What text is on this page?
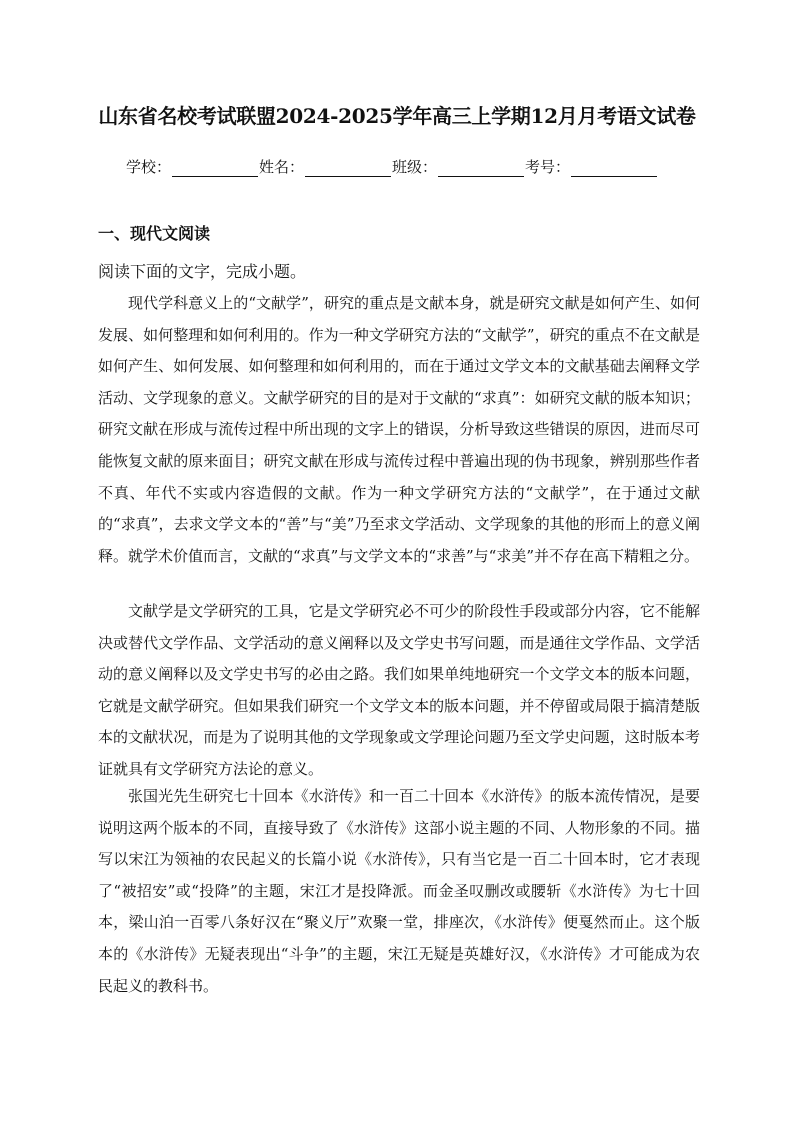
山东省名校考试联盟2024-2025学年高三上学期12月月考语文试卷
学校：	姓名：	班级：	考号：
一、现代文阅读
阅读下面的文字，完成小题。

现代学科意义上的“文献学”，研究的重点是文献本身，就是研究文献是如何产生、如何发展、如何整理和如何利用的。作为一种文学研究方法的“文献学”，研究的重点不在文献是如何产生、如何发展、如何整理和如何利用的，而在于通过文学文本的文献基础去阐释文学活动、文学现象的意义。文献学研究的目的是对于文献的“求真”：如研究文献的版本知识；研究文献在形成与流传过程中所出现的文字上的错误，分析导致这些错误的原因，进而尽可能恢复文献的原来面目；研究文献在形成与流传过程中普遍出现的伪书现象，辨别那些作者不真、年代不实或内容造假的文献。作为一种文学研究方法的“文献学”，在于通过文献的“求真”，去求文学文本的“善”与“美”乃至求文学活动、文学现象的其他的形而上的意义阐释。就学术价值而言，文献的“求真”与文学文本的“求善”与“求美”并不存在高下精粗之分。

文献学是文学研究的工具，它是文学研究必不可少的阶段性手段或部分内容，它不能解决或替代文学作品、文学活动的意义阐释以及文学史书写问题，而是通往文学作品、文学活动的意义阐释以及文学史书写的必由之路。我们如果单纯地研究一个文学文本的版本问题，它就是文献学研究。但如果我们研究一个文学文本的版本问题，并不停留或局限于搞清楚版本的文献状况，而是为了说明其他的文学现象或文学理论问题乃至文学史问题，这时版本考证就具有文学研究方法论的意义。

张国光先生研究七十回本《水浒传》和一百二十回本《水浒传》的版本流传情况，是要说明这两个版本的不同，直接导致了《水浒传》这部小说主题的不同、人物形象的不同。描写以宋江为领袖的农民起义的长篇小说《水浒传》，只有当它是一百二十回本时，它才表现了“被招安”或“投降”的主题，宋江才是投降派。而金圣叹删改或腰斩《水浒传》为七十回本，梁山泊一百零八条好汉在“聚义厅”欢聚一堂，排座次，《水浒传》便戛然而止。这个版本的《水浒传》无疑表现出“斗争”的主题，宋江无疑是英雄好汉，《水浒传》才可能成为农民起义的教科书。
